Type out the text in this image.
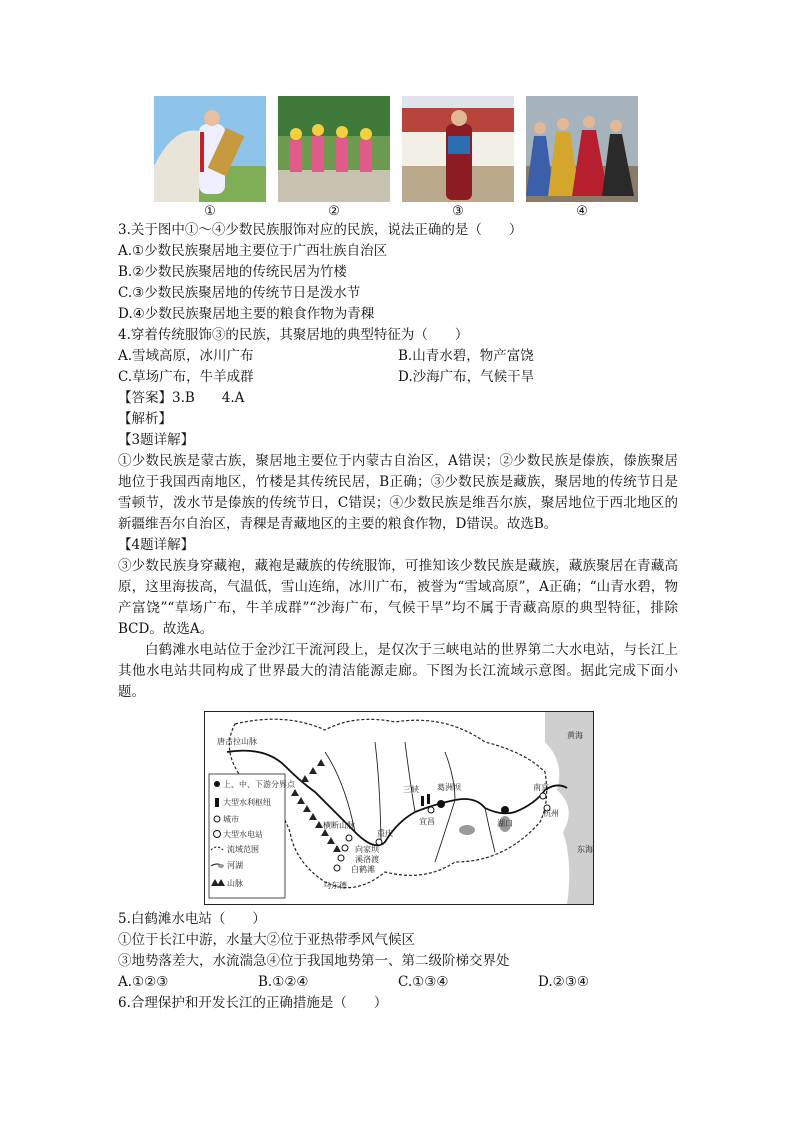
①	②	③	④
3.关于图中①～④少数民族服饰对应的民族，说法正确的是（　　）
A.①少数民族聚居地主要位于广西壮族自治区
B.②少数民族聚居地的传统民居为竹楼
C.③少数民族聚居地的传统节日是泼水节
D.④少数民族聚居地主要的粮食作物为青稞
4.穿着传统服饰③的民族，其聚居地的典型特征为（　　）
A.雪域高原，冰川广布	B.山青水碧，物产富饶
C.草场广布，牛羊成群	D.沙海广布，气候干旱
【答案】3.B　　4.A
【解析】
【3题详解】
①少数民族是蒙古族，聚居地主要位于内蒙古自治区，A错误；②少数民族是傣族，傣族聚居地位于我国西南地区，竹楼是其传统民居，B正确；③少数民族是藏族，聚居地的传统节日是雪顿节，泼水节是傣族的传统节日，C错误；④少数民族是维吾尔族，聚居地位于西北地区的新疆维吾尔自治区，青稞是青藏地区的主要的粮食作物，D错误。故选B。
【4题详解】
③少数民族身穿藏袍，藏袍是藏族的传统服饰，可推知该少数民族是藏族，藏族聚居在青藏高原，这里海拔高，气温低，雪山连绵，冰川广布，被誉为“雪域高原”，A正确；“山青水碧，物产富饶”“草场广布，牛羊成群”“沙海广布，气候干旱”均不属于青藏高原的典型特征，排除BCD。故选A。
白鹤滩水电站位于金沙江干流河段上，是仅次于三峡电站的世界第二大水电站，与长江上其他水电站共同构成了世界最大的清洁能源走廊。下图为长江流域示意图。据此完成下面小题。
唐古拉山脉
横断山脉
重庆
向家坝
溪洛渡
白鹤滩
乌东德
三峡 葛洲坝
宜昌	湖口
南京
杭州
黄海
东海
上、中、下游分界点
大型水利枢纽
城市
大型水电站
流域范围
河湖
山脉
5.白鹤滩水电站（　　）
①位于长江中游，水量大②位于亚热带季风气候区
③地势落差大，水流湍急④位于我国地势第一、第二级阶梯交界处
A.①②③	B.①②④	C.①③④	D.②③④
6.合理保护和开发长江的正确措施是（　　）
